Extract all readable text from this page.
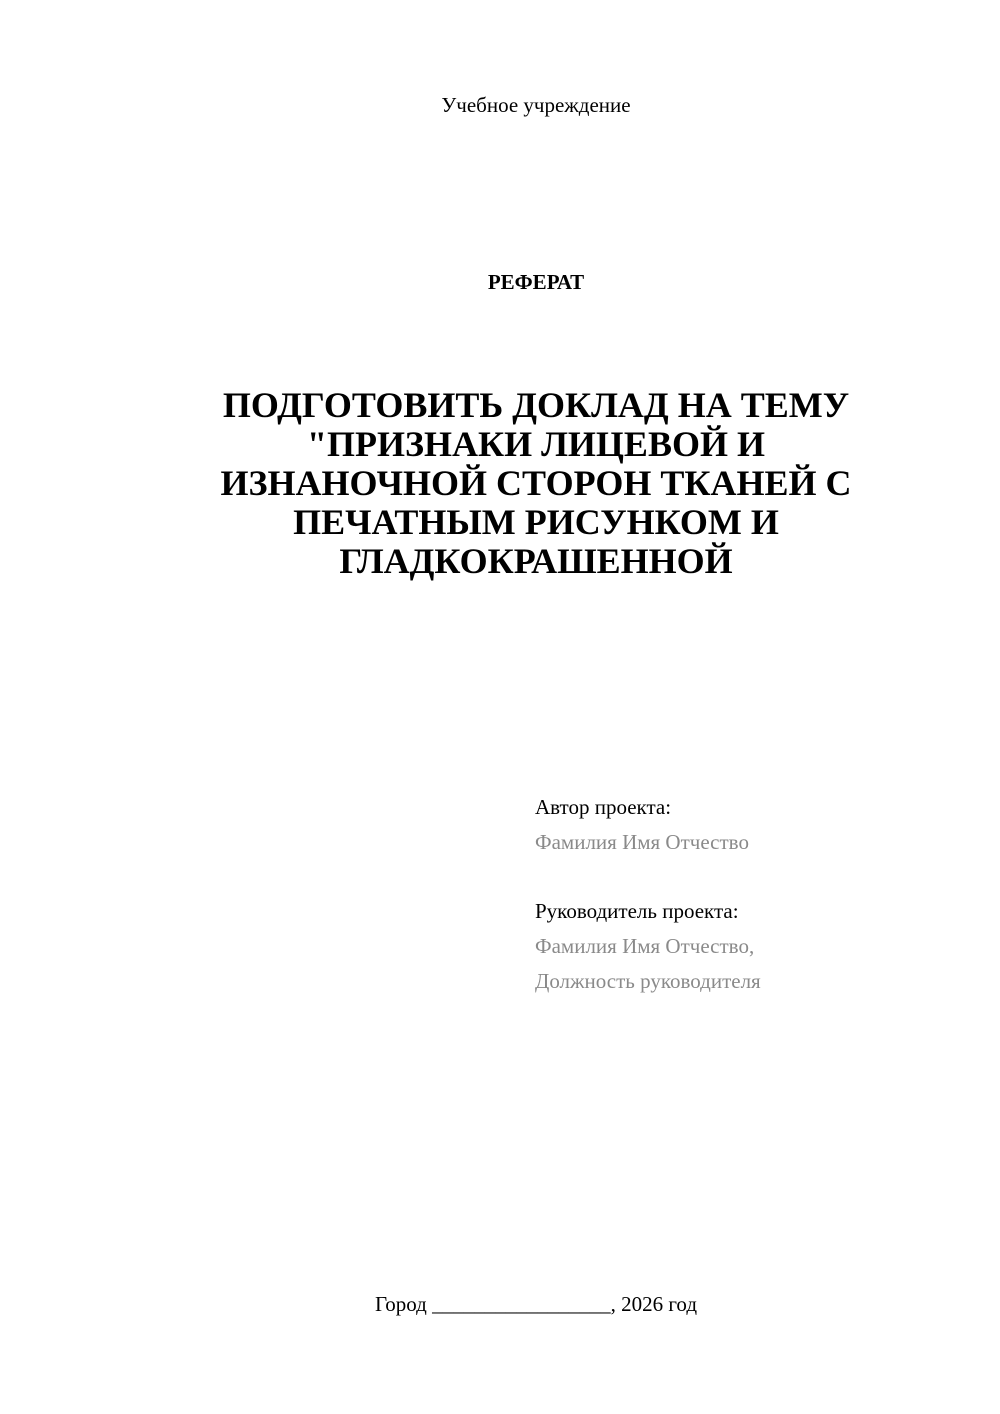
Учебное учреждение
РЕФЕРАТ
ПОДГОТОВИТЬ ДОКЛАД НА ТЕМУ "ПРИЗНАКИ ЛИЦЕВОЙ И ИЗНАНОЧНОЙ СТОРОН ТКАНЕЙ С ПЕЧАТНЫМ РИСУНКОМ И ГЛАДКОКРАШЕННОЙ
Автор проекта:
Фамилия Имя Отчество
Руководитель проекта:
Фамилия Имя Отчество,
Должность руководителя
Город _________________, 2026 год
